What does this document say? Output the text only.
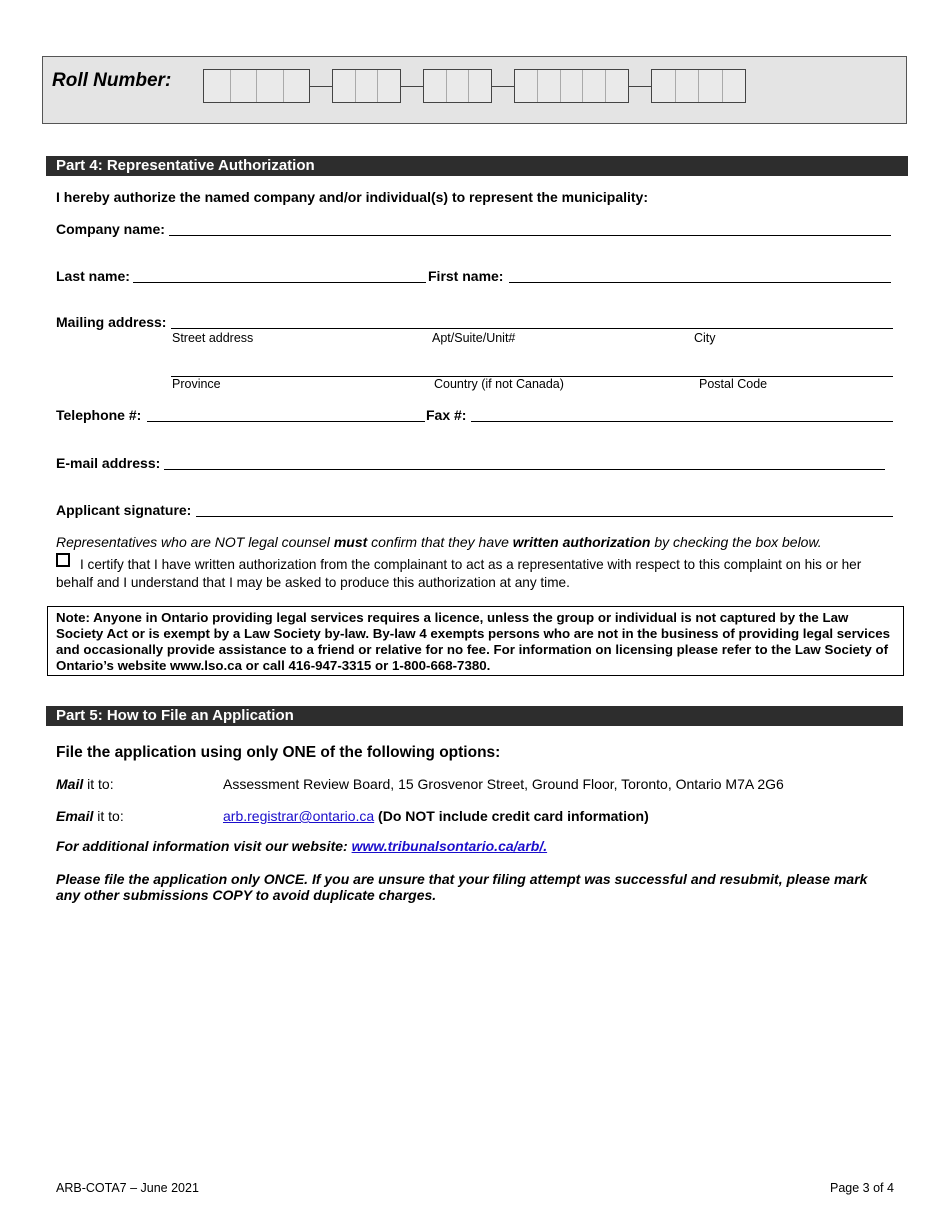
Roll Number:
Part 4: Representative Authorization
I hereby authorize the named company and/or individual(s) to represent the municipality:
Company name:
Last name:	First name:
Mailing address:
Street address	Apt/Suite/Unit#	City
Province	Country (if not Canada)	Postal Code
Telephone #:	Fax #:
E-mail address:
Applicant signature:
Representatives who are NOT legal counsel must confirm that they have written authorization by checking the box below.
I certify that I have written authorization from the complainant to act as a representative with respect to this complaint on his or her
behalf and I understand that I may be asked to produce this authorization at any time.
Note: Anyone in Ontario providing legal services requires a licence, unless the group or individual is not captured by the Law Society Act or is exempt by a Law Society by-law. By-law 4 exempts persons who are not in the business of providing legal services and occasionally provide assistance to a friend or relative for no fee. For information on licensing please refer to the Law Society of Ontario’s website www.lso.ca or call 416-947-3315 or 1-800-668-7380.
Part 5: How to File an Application
File the application using only ONE of the following options:
Mail it to:	Assessment Review Board, 15 Grosvenor Street, Ground Floor, Toronto, Ontario M7A 2G6
Email it to:	arb.registrar@ontario.ca (Do NOT include credit card information)
For additional information visit our website: www.tribunalsontario.ca/arb/.
Please file the application only ONCE. If you are unsure that your filing attempt was successful and resubmit, please mark
any other submissions COPY to avoid duplicate charges.
ARB-COTA7 – June 2021	Page 3 of 4
